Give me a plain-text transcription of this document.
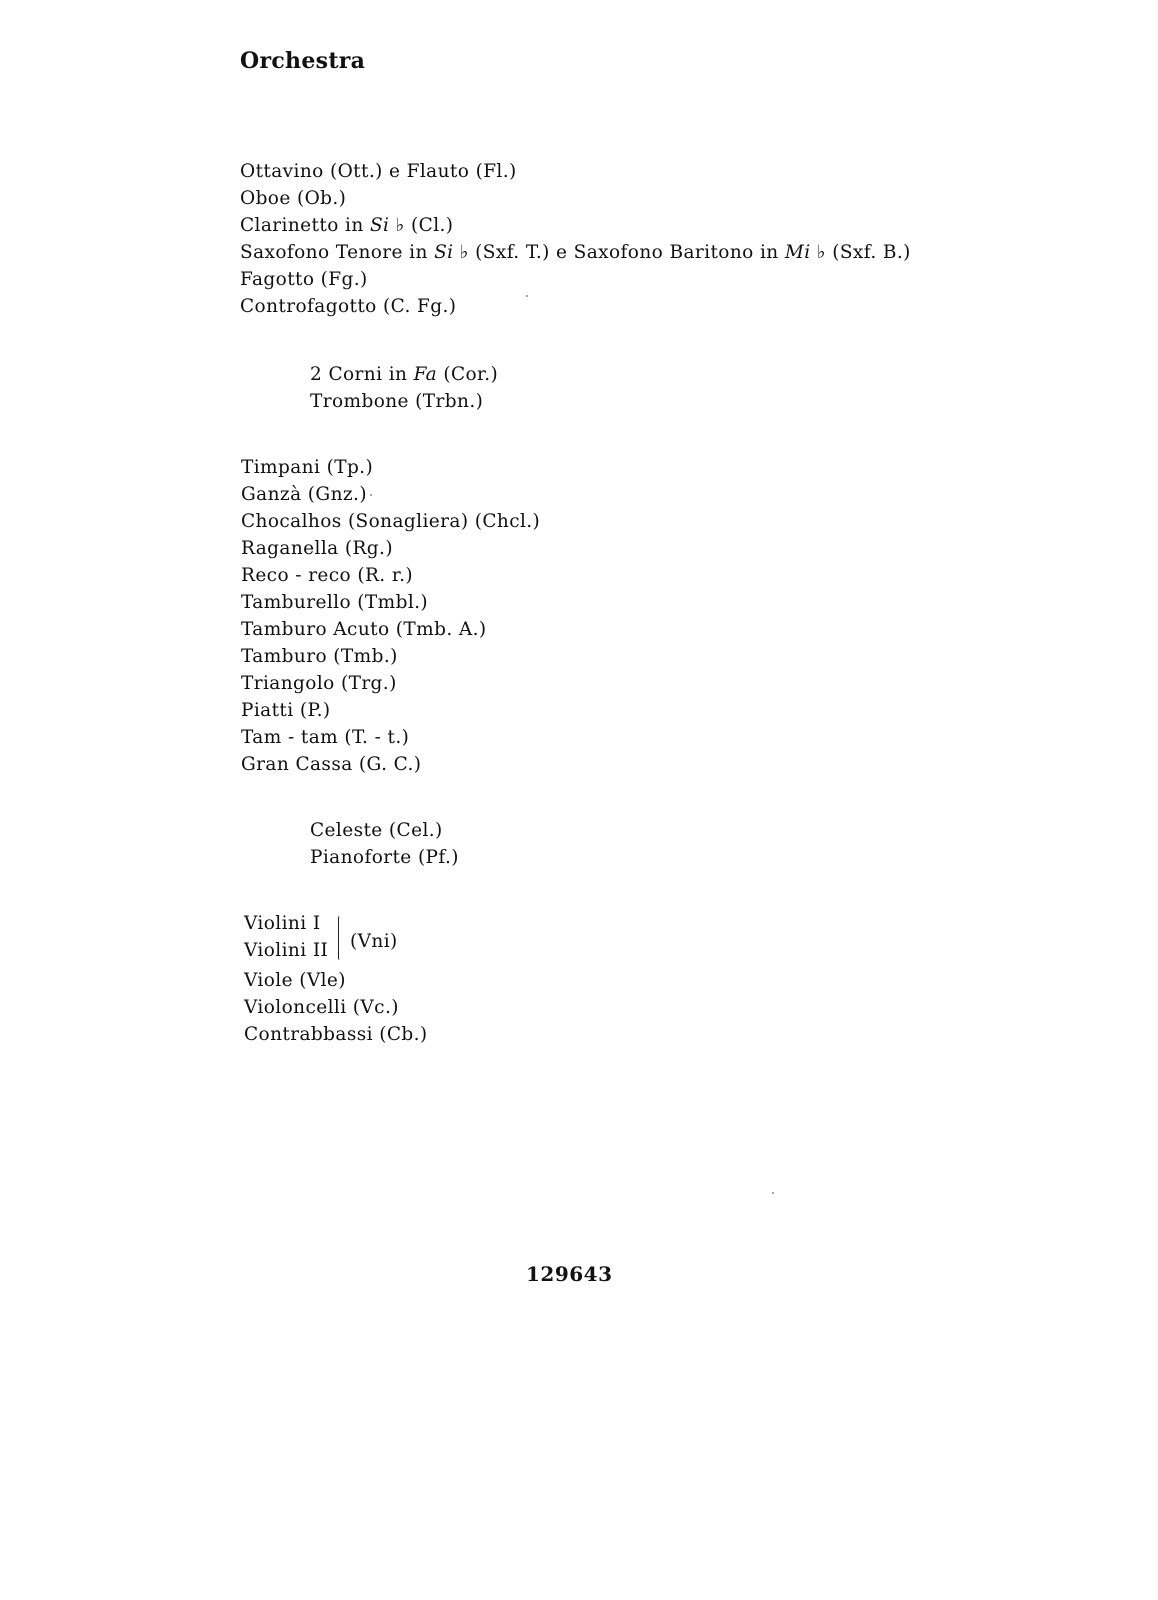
Orchestra
Ottavino (Ott.) e Flauto (Fl.)
Oboe (Ob.)
Clarinetto in Si ♭ (Cl.)
Saxofono Tenore in Si ♭ (Sxf. T.) e Saxofono Baritono in Mi ♭ (Sxf. B.)
Fagotto (Fg.)
Controfagotto (C. Fg.)
2 Corni in Fa (Cor.)
Trombone (Trbn.)
Timpani (Tp.)
Ganzà (Gnz.)
Chocalhos (Sonagliera) (Chcl.)
Raganella (Rg.)
Reco - reco (R. r.)
Tamburello (Tmbl.)
Tamburo Acuto (Tmb. A.)
Tamburo (Tmb.)
Triangolo (Trg.)
Piatti (P.)
Tam - tam (T. - t.)
Gran Cassa (G. C.)
Celeste (Cel.)
Pianoforte (Pf.)
Violini I
Violini II (Vni)
Viole (Vle)
Violoncelli (Vc.)
Contrabbassi (Cb.)
129643
